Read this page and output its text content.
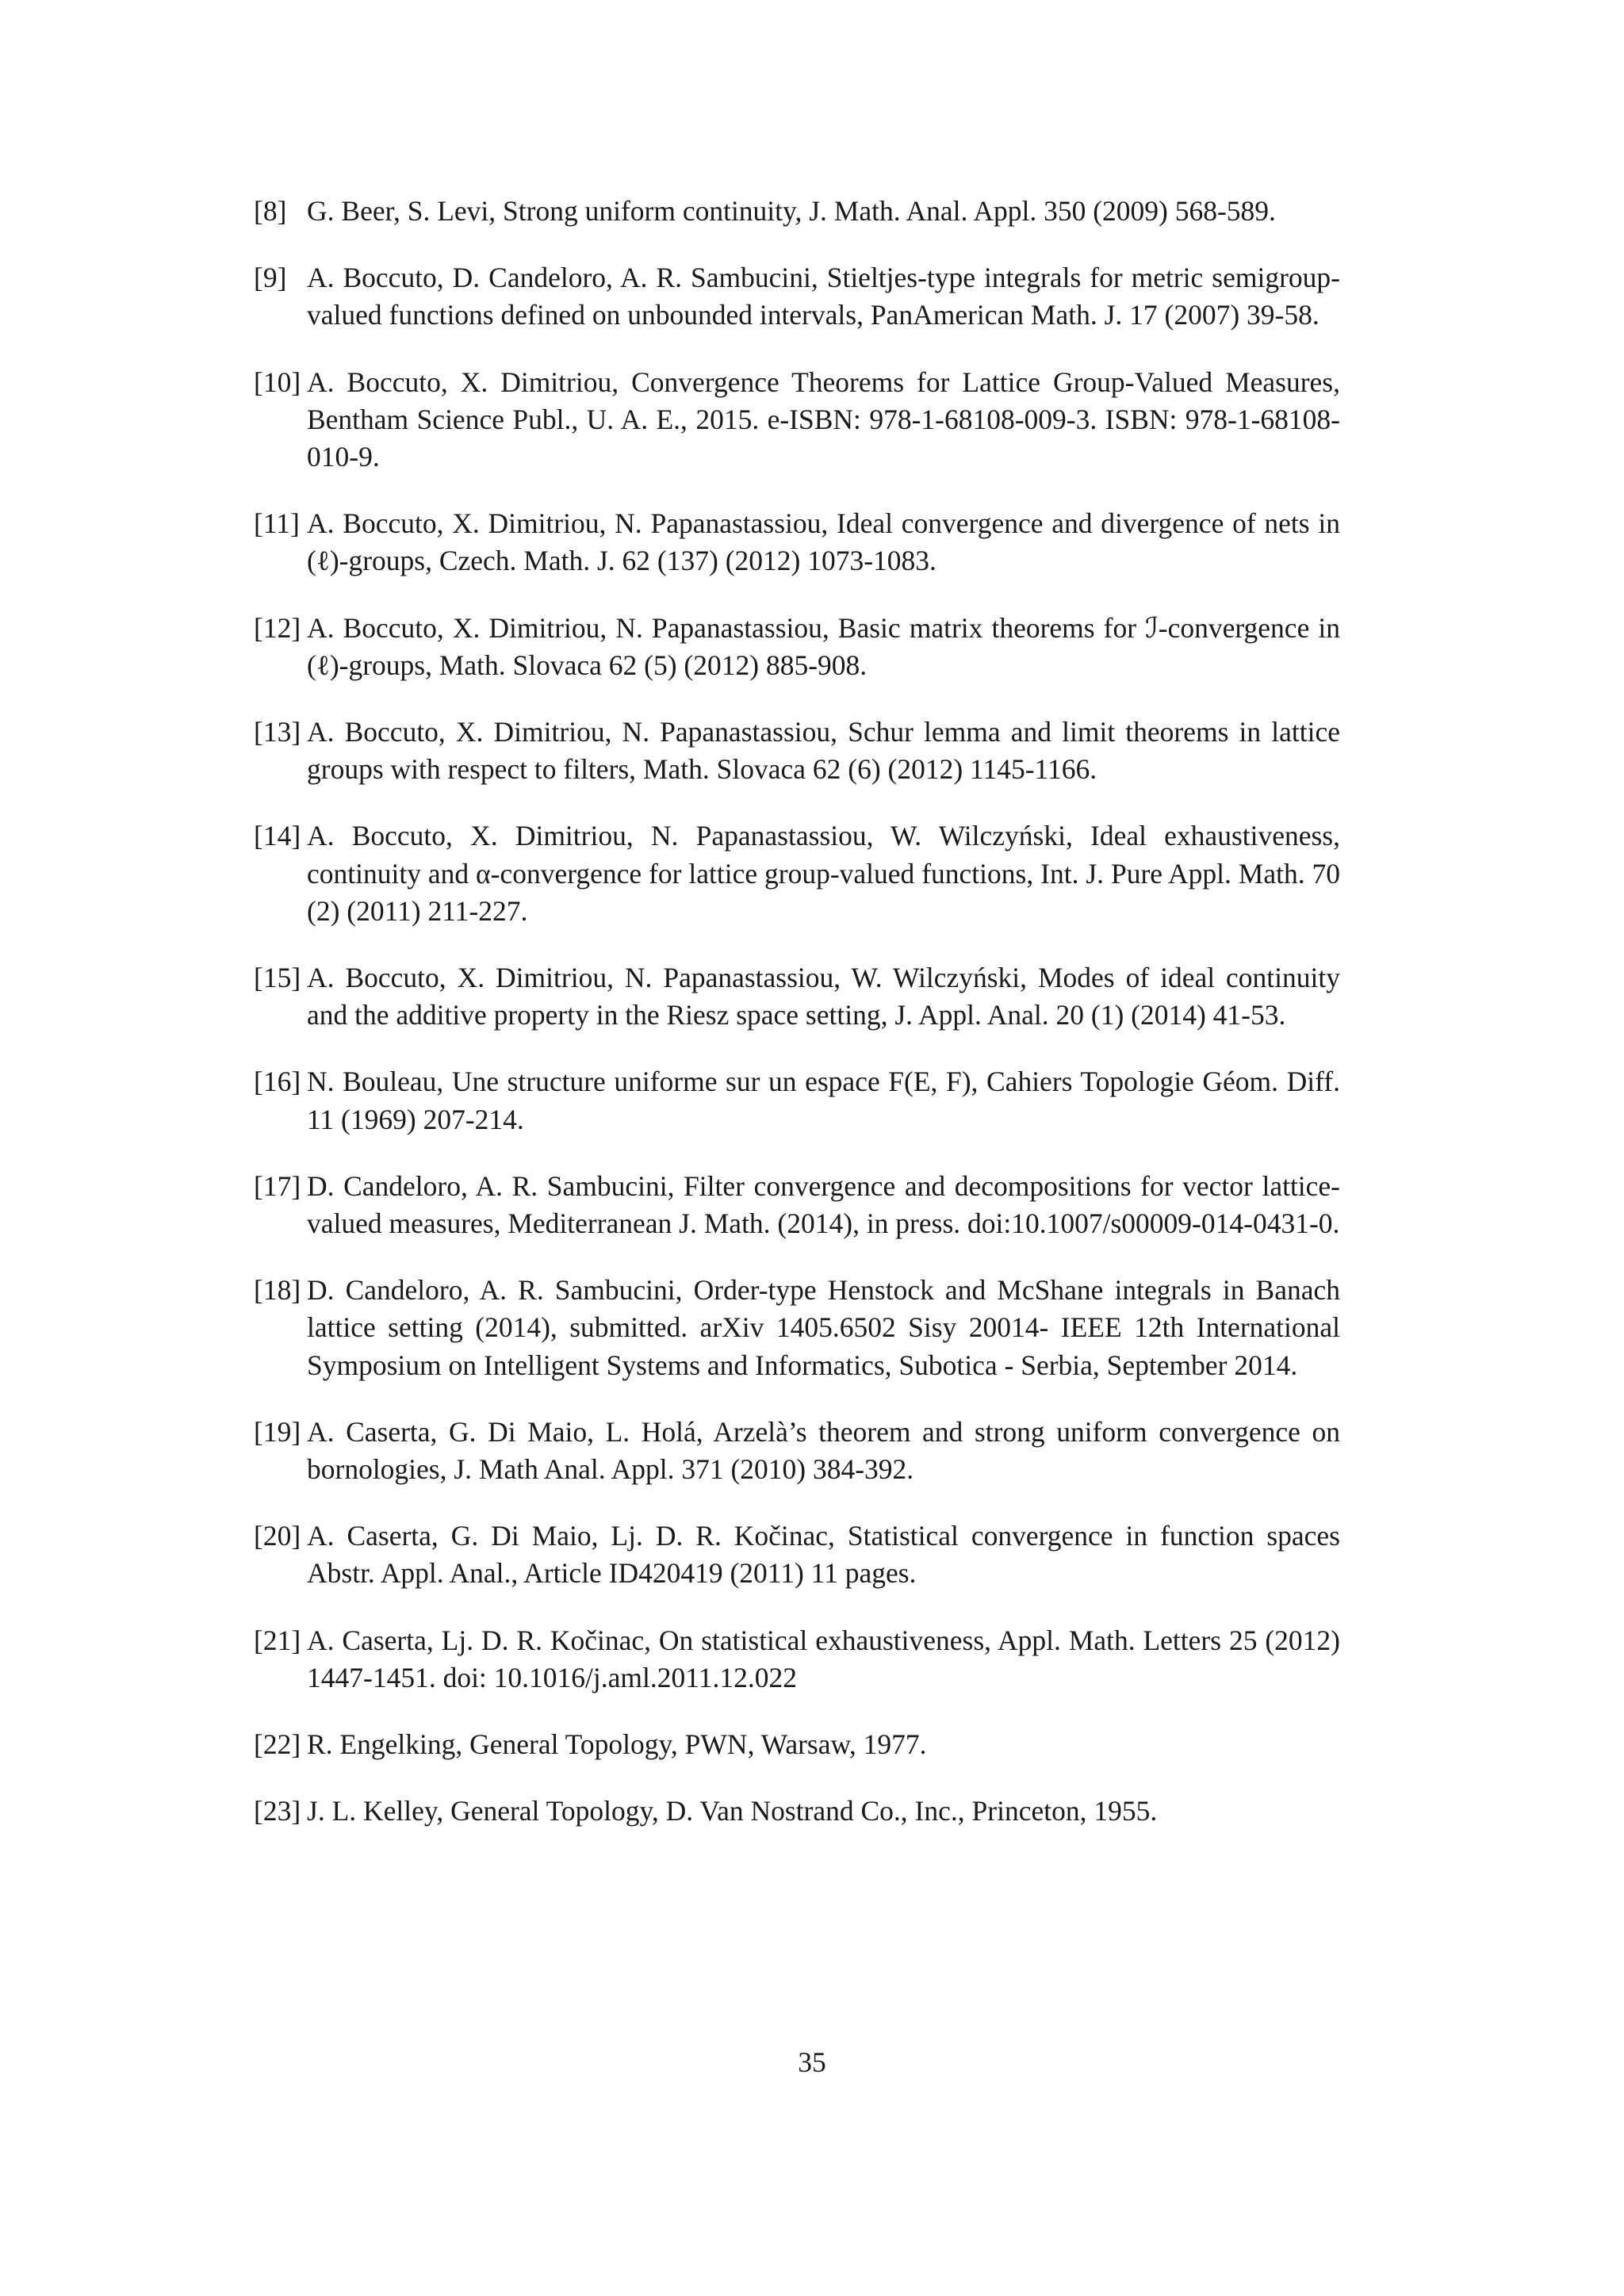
[8] G. Beer, S. Levi, Strong uniform continuity, J. Math. Anal. Appl. 350 (2009) 568-589.
[9] A. Boccuto, D. Candeloro, A. R. Sambucini, Stieltjes-type integrals for metric semigroup-valued functions defined on unbounded intervals, PanAmerican Math. J. 17 (2007) 39-58.
[10] A. Boccuto, X. Dimitriou, Convergence Theorems for Lattice Group-Valued Measures, Bentham Science Publ., U. A. E., 2015. e-ISBN: 978-1-68108-009-3. ISBN: 978-1-68108-010-9.
[11] A. Boccuto, X. Dimitriou, N. Papanastassiou, Ideal convergence and divergence of nets in (ℓ)-groups, Czech. Math. J. 62 (137) (2012) 1073-1083.
[12] A. Boccuto, X. Dimitriou, N. Papanastassiou, Basic matrix theorems for ℐ-convergence in (ℓ)-groups, Math. Slovaca 62 (5) (2012) 885-908.
[13] A. Boccuto, X. Dimitriou, N. Papanastassiou, Schur lemma and limit theorems in lattice groups with respect to filters, Math. Slovaca 62 (6) (2012) 1145-1166.
[14] A. Boccuto, X. Dimitriou, N. Papanastassiou, W. Wilczyński, Ideal exhaustiveness, continuity and α-convergence for lattice group-valued functions, Int. J. Pure Appl. Math. 70 (2) (2011) 211-227.
[15] A. Boccuto, X. Dimitriou, N. Papanastassiou, W. Wilczyński, Modes of ideal continuity and the additive property in the Riesz space setting, J. Appl. Anal. 20 (1) (2014) 41-53.
[16] N. Bouleau, Une structure uniforme sur un espace F(E, F), Cahiers Topologie Géom. Diff. 11 (1969) 207-214.
[17] D. Candeloro, A. R. Sambucini, Filter convergence and decompositions for vector lattice-valued measures, Mediterranean J. Math. (2014), in press. doi:10.1007/s00009-014-0431-0.
[18] D. Candeloro, A. R. Sambucini, Order-type Henstock and McShane integrals in Banach lattice setting (2014), submitted. arXiv 1405.6502 Sisy 20014- IEEE 12th International Symposium on Intelligent Systems and Informatics, Subotica - Serbia, September 2014.
[19] A. Caserta, G. Di Maio, L. Holá, Arzelà’s theorem and strong uniform convergence on bornologies, J. Math Anal. Appl. 371 (2010) 384-392.
[20] A. Caserta, G. Di Maio, Lj. D. R. Kočinac, Statistical convergence in function spaces Abstr. Appl. Anal., Article ID420419 (2011) 11 pages.
[21] A. Caserta, Lj. D. R. Kočinac, On statistical exhaustiveness, Appl. Math. Letters 25 (2012) 1447-1451. doi: 10.1016/j.aml.2011.12.022
[22] R. Engelking, General Topology, PWN, Warsaw, 1977.
[23] J. L. Kelley, General Topology, D. Van Nostrand Co., Inc., Princeton, 1955.
35
